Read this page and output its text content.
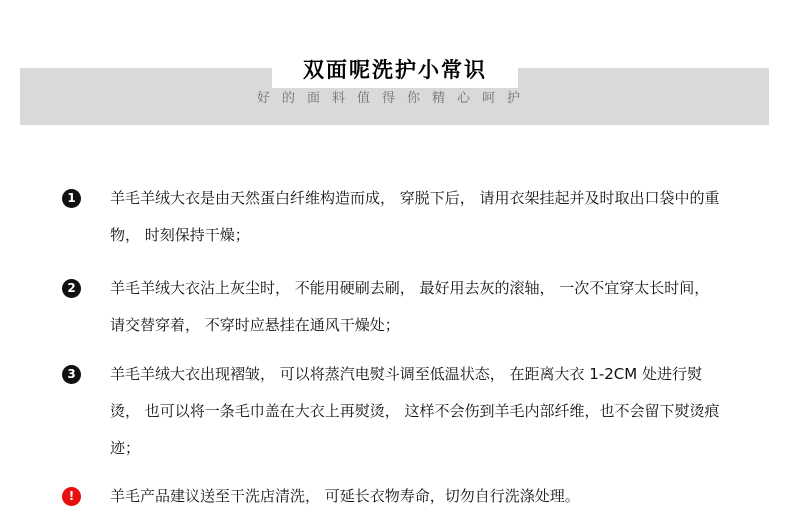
双面呢洗护小常识
好的面料值得你精心呵护
1	羊毛羊绒大衣是由天然蛋白纤维构造而成， 穿脱下后， 请用衣架挂起并及时取出口袋中的重物， 时刻保持干燥；
2	羊毛羊绒大衣沾上灰尘时， 不能用硬刷去刷， 最好用去灰的滚轴， 一次不宜穿太长时间， 请交替穿着， 不穿时应悬挂在通风干燥处；
3	羊毛羊绒大衣出现褶皱， 可以将蒸汽电熨斗调至低温状态， 在距离大衣 1-2CM 处进行熨烫， 也可以将一条毛巾盖在大衣上再熨烫， 这样不会伤到羊毛内部纤维，也不会留下熨烫痕迹；
!	羊毛产品建议送至干洗店清洗， 可延长衣物寿命，切勿自行洗涤处理。
